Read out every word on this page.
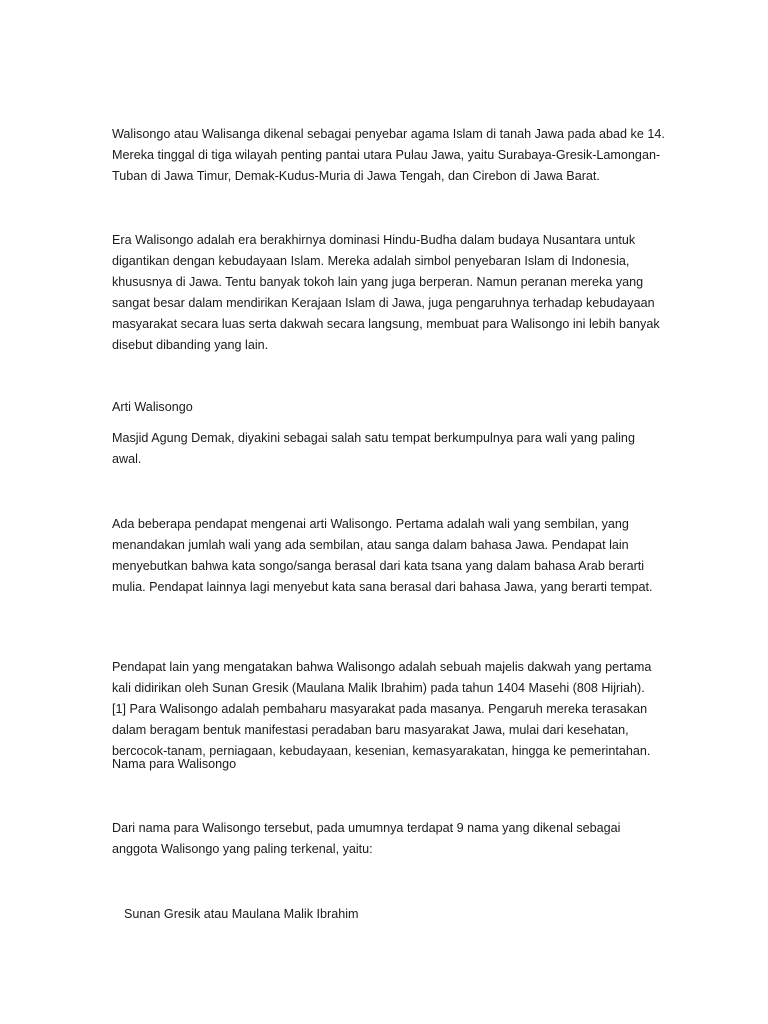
Walisongo atau Walisanga dikenal sebagai penyebar agama Islam di tanah Jawa pada abad ke 14.
Mereka tinggal di tiga wilayah penting pantai utara Pulau Jawa, yaitu Surabaya-Gresik-Lamongan-
Tuban di Jawa Timur, Demak-Kudus-Muria di Jawa Tengah, dan Cirebon di Jawa Barat.

Era Walisongo adalah era berakhirnya dominasi Hindu-Budha dalam budaya Nusantara untuk
digantikan dengan kebudayaan Islam. Mereka adalah simbol penyebaran Islam di Indonesia,
khususnya di Jawa. Tentu banyak tokoh lain yang juga berperan. Namun peranan mereka yang
sangat besar dalam mendirikan Kerajaan Islam di Jawa, juga pengaruhnya terhadap kebudayaan
masyarakat secara luas serta dakwah secara langsung, membuat para Walisongo ini lebih banyak
disebut dibanding yang lain.

Arti Walisongo

Masjid Agung Demak, diyakini sebagai salah satu tempat berkumpulnya para wali yang paling
awal.

Ada beberapa pendapat mengenai arti Walisongo. Pertama adalah wali yang sembilan, yang
menandakan jumlah wali yang ada sembilan, atau sanga dalam bahasa Jawa. Pendapat lain
menyebutkan bahwa kata songo/sanga berasal dari kata tsana yang dalam bahasa Arab berarti
mulia. Pendapat lainnya lagi menyebut kata sana berasal dari bahasa Jawa, yang berarti tempat.

Pendapat lain yang mengatakan bahwa Walisongo adalah sebuah majelis dakwah yang pertama
kali didirikan oleh Sunan Gresik (Maulana Malik Ibrahim) pada tahun 1404 Masehi (808 Hijriah).
[1] Para Walisongo adalah pembaharu masyarakat pada masanya. Pengaruh mereka terasakan
dalam beragam bentuk manifestasi peradaban baru masyarakat Jawa, mulai dari kesehatan,
bercocok-tanam, perniagaan, kebudayaan, kesenian, kemasyarakatan, hingga ke pemerintahan.

Nama para Walisongo

Dari nama para Walisongo tersebut, pada umumnya terdapat 9 nama yang dikenal sebagai
anggota Walisongo yang paling terkenal, yaitu:

Sunan Gresik atau Maulana Malik Ibrahim
